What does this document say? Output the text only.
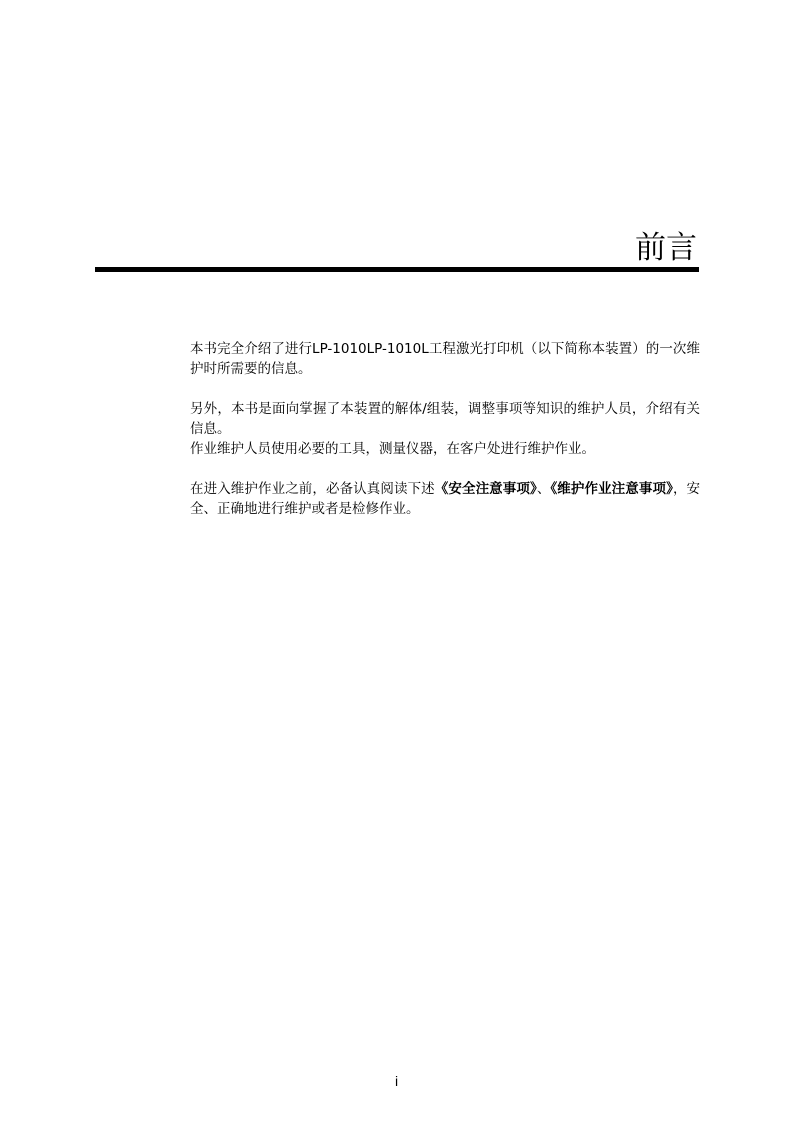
前言

本书完全介绍了进行LP-1010LP-1010L工程激光打印机（以下简称本装置）的一次维护时所需要的信息。

另外，本书是面向掌握了本装置的解体/组装，调整事项等知识的维护人员，介绍有关信息。

作业维护人员使用必要的工具，测量仪器，在客户处进行维护作业。

在进入维护作业之前，必备认真阅读下述《安全注意事项》、《维护作业注意事项》，安全、正确地进行维护或者是检修作业。

i
